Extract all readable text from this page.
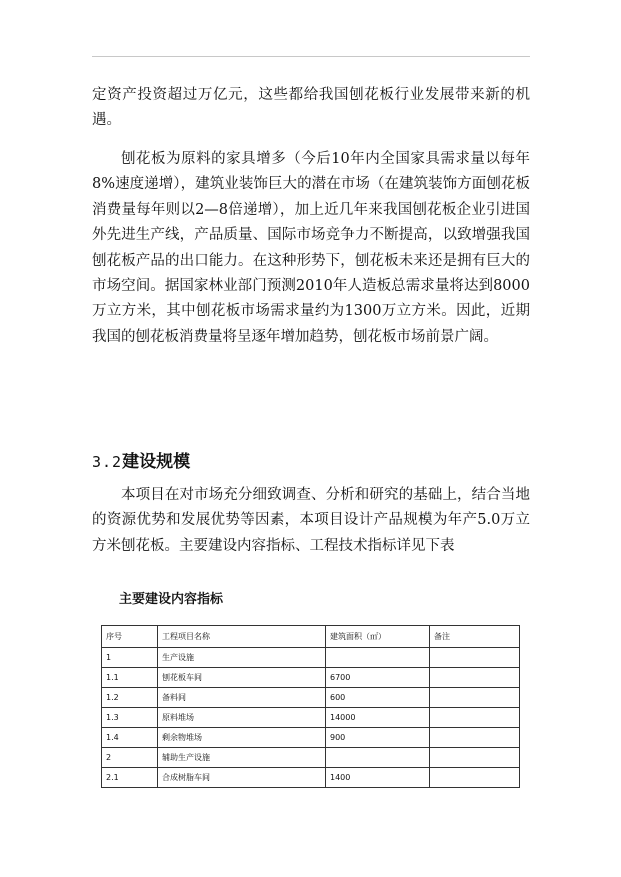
定资产投资超过万亿元，这些都给我国刨花板行业发展带来新的机遇。

刨花板为原料的家具增多（今后10年内全国家具需求量以每年8%速度递增），建筑业装饰巨大的潜在市场（在建筑装饰方面刨花板消费量每年则以2—8倍递增），加上近几年来我国刨花板企业引进国外先进生产线，产品质量、国际市场竞争力不断提高，以致增强我国刨花板产品的出口能力。在这种形势下，刨花板未来还是拥有巨大的市场空间。据国家林业部门预测2010年人造板总需求量将达到8000万立方米，其中刨花板市场需求量约为1300万立方米。因此，近期我国的刨花板消费量将呈逐年增加趋势，刨花板市场前景广阔。

3.2建设规模

本项目在对市场充分细致调查、分析和研究的基础上，结合当地的资源优势和发展优势等因素，本项目设计产品规模为年产5.0万立方米刨花板。主要建设内容指标、工程技术指标详见下表

主要建设内容指标

序号	工程项目名称	建筑面积（㎡）	备注
1	生产设施		
1.1	刨花板车间	6700	
1.2	备料间	600	
1.3	原料堆场	14000	
1.4	剩余物堆场	900	
2	辅助生产设施		
2.1	合成树脂车间	1400	
